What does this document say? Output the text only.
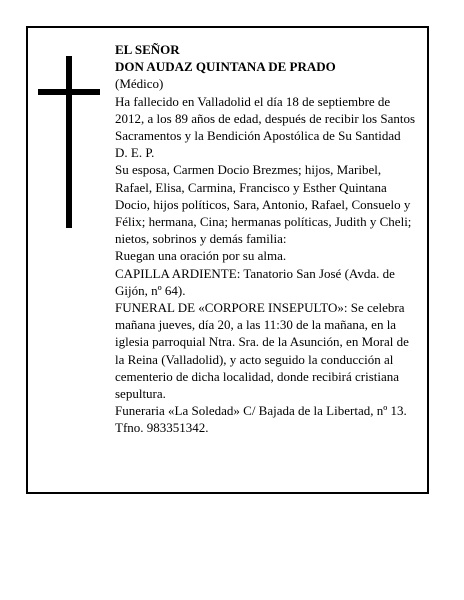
EL SEÑOR

DON AUDAZ QUINTANA DE PRADO

(Médico)

Ha fallecido en Valladolid el día 18 de septiembre de 2012, a los 89 años de edad, después de recibir los Santos Sacramentos y la Bendición Apostólica de Su Santidad

D. E. P.

Su esposa, Carmen Docio Brezmes; hijos, Maribel, Rafael, Elisa, Carmina, Francisco y Esther Quintana Docio, hijos políticos, Sara, Antonio, Rafael, Consuelo y Félix; hermana, Cina; hermanas políticas, Judith y Cheli; nietos, sobrinos y demás familia:

Ruegan una oración por su alma.

CAPILLA ARDIENTE: Tanatorio San José (Avda. de Gijón, nº 64).

FUNERAL DE «CORPORE INSEPULTO»: Se celebra mañana jueves, día 20, a las 11:30 de la mañana, en la iglesia parroquial Ntra. Sra. de la Asunción, en Moral de la Reina (Valladolid), y acto seguido la conducción al cementerio de dicha localidad, donde recibirá cristiana sepultura.

Funeraria «La Soledad» C/ Bajada de la Libertad, nº 13. Tfno. 983351342.
